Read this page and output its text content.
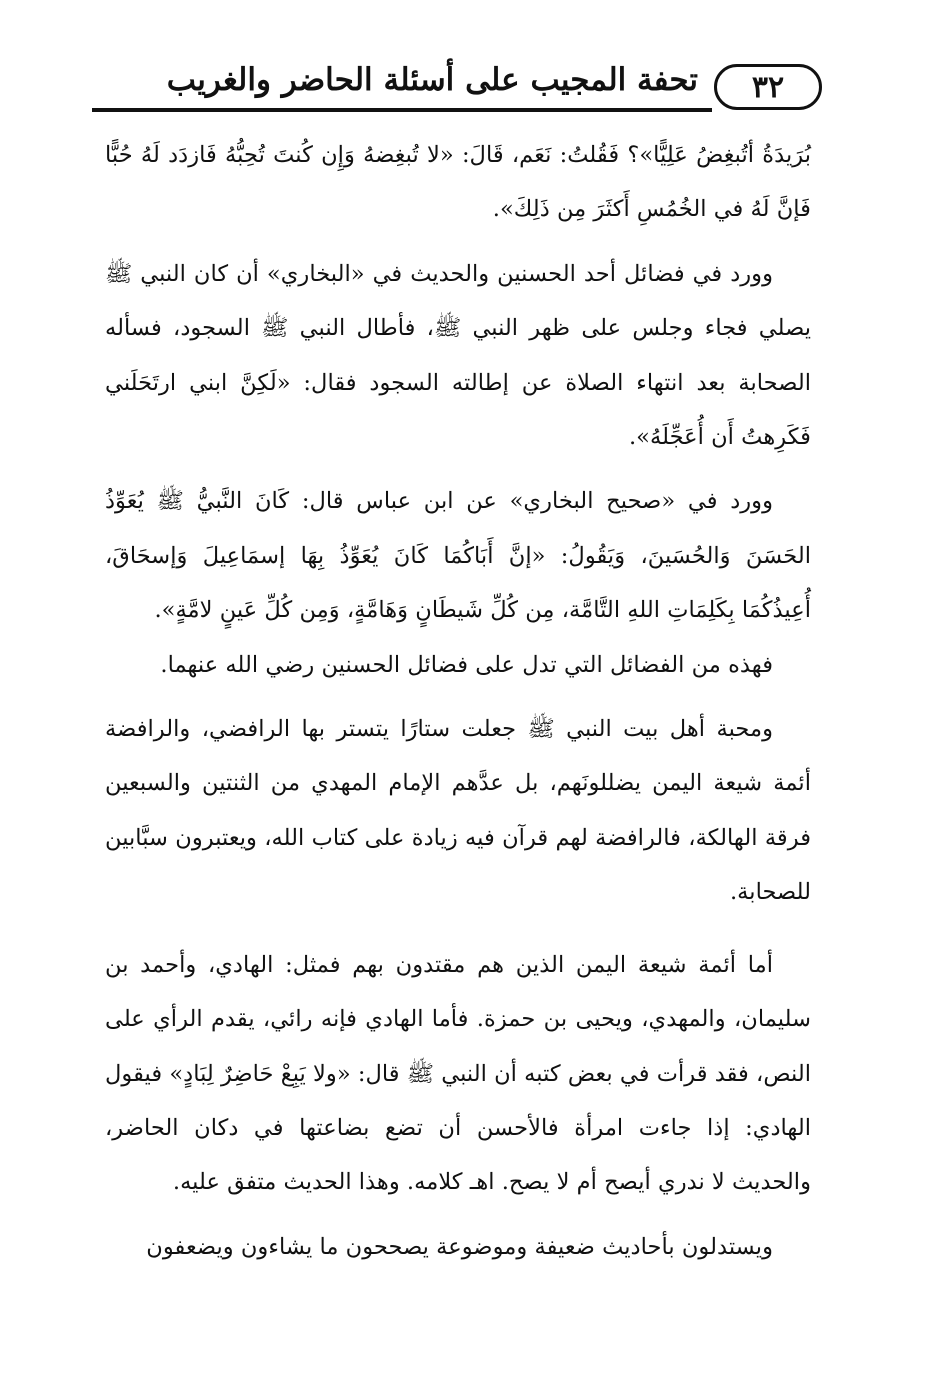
٣٢
تحفة المجيب على أسئلة الحاضر والغريب

بُرَيدَةُ أتُبغِضُ عَلِيًّا»؟ فَقُلتُ: نَعَم، قَالَ: «لا تُبغِضهُ وَإِن كُنتَ تُحِبُّهُ فَازدَد لَهُ حُبًّا فَإنَّ لَهُ في الخُمُسِ أَكثَرَ مِن ذَلِكَ».

وورد في فضائل أحد الحسنين والحديث في «البخاري» أن كان النبي ﷺ يصلي فجاء وجلس على ظهر النبي ﷺ، فأطال النبي ﷺ السجود، فسأله الصحابة بعد انتهاء الصلاة عن إطالته السجود فقال: «لَكِنَّ ابني ارتَحَلَني فَكَرِهتُ أَن أُعَجِّلَهُ».

وورد في «صحيح البخاري» عن ابن عباس قال: كَانَ النَّبيُّ ﷺ يُعَوِّذُ الحَسَنَ وَالحُسَينَ، وَيَقُولُ: «إنَّ أَبَاكُمَا كَانَ يُعَوِّذُ بِهَا إسمَاعِيلَ وَإسحَاقَ، أُعِيذُكُمَا بِكَلِمَاتِ اللهِ التَّامَّة، مِن كُلِّ شَيطَانٍ وَهَامَّةٍ، وَمِن كُلِّ عَينٍ لامَّةٍ».

فهذه من الفضائل التي تدل على فضائل الحسنين رضي الله عنهما.

ومحبة أهل بيت النبي ﷺ جعلت ستارًا يتستر بها الرافضي، والرافضة أئمة شيعة اليمن يضللونَهم، بل عدَّهم الإمام المهدي من الثنتين والسبعين فرقة الهالكة، فالرافضة لهم قرآن فيه زيادة على كتاب الله، ويعتبرون سبَّابين للصحابة.

أما أئمة شيعة اليمن الذين هم مقتدون بهم فمثل: الهادي، وأحمد بن سليمان، والمهدي، ويحيى بن حمزة. فأما الهادي فإنه رائي، يقدم الرأي على النص، فقد قرأت في بعض كتبه أن النبي ﷺ قال: «ولا يَبِعْ حَاضِرٌ لِبَادٍ» فيقول الهادي: إذا جاءت امرأة فالأحسن أن تضع بضاعتها في دكان الحاضر، والحديث لا ندري أيصح أم لا يصح. اهـ كلامه. وهذا الحديث متفق عليه.

ويستدلون بأحاديث ضعيفة وموضوعة يصححون ما يشاءون ويضعفون
